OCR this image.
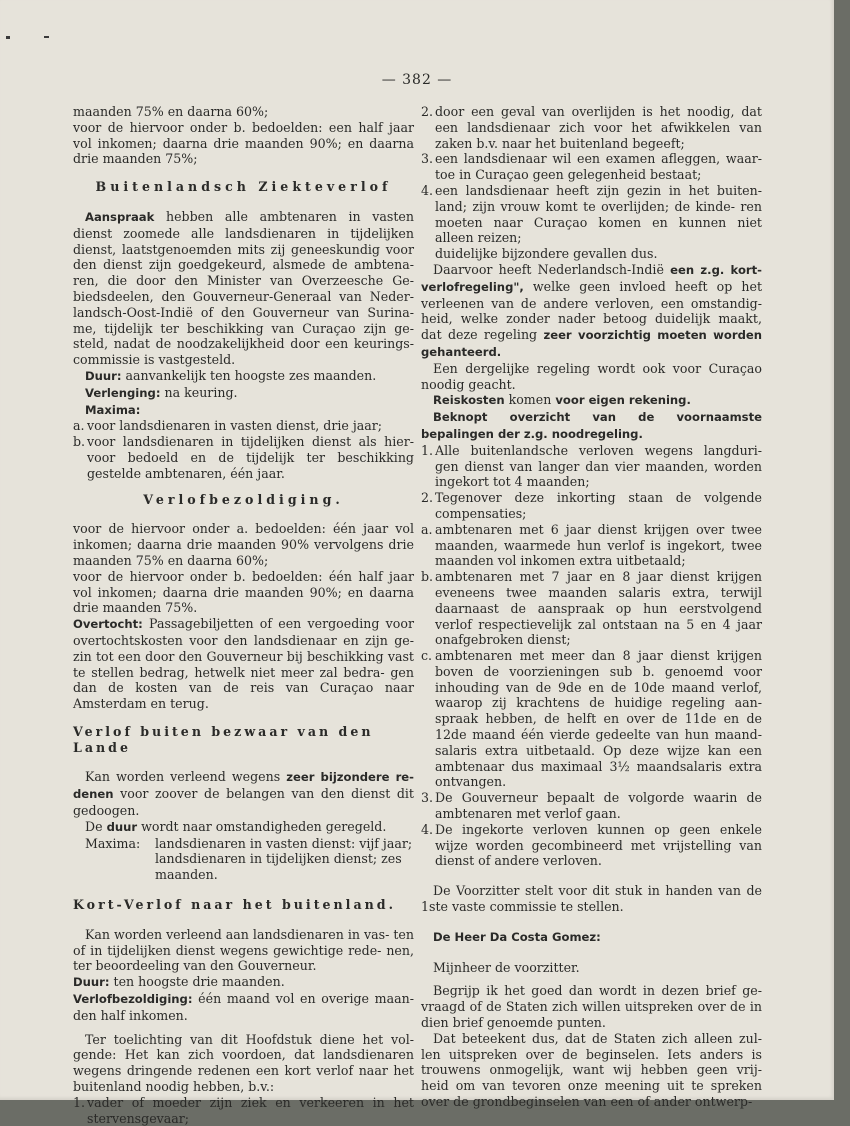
— 382 —

maanden 75% en daarna 60%;

voor de hiervoor onder b. bedoelden: een half jaar vol inkomen; daarna drie maanden 90%; en daarna drie maanden 75%;

Buitenlandsch Ziekteverlof

Aanspraak hebben alle ambtenaren in vasten dienst zoomede alle landsdienaren in tijdelijken dienst, laatstgenoemden mits zij geneeskundig voor den dienst zijn goedgekeurd, alsmede de ambtena- ren, die door den Minister van Overzeesche Ge- biedsdeelen, den Gouverneur-Generaal van Neder- landsch-Oost-Indië of den Gouverneur van Surina- me, tijdelijk ter beschikking van Curaçao zijn ge- steld, nadat de noodzakelijkheid door een keurings- commissie is vastgesteld.

Duur: aanvankelijk ten hoogste zes maanden.

Verlenging: na keuring.

Maxima:

a. voor landsdienaren in vasten dienst, drie jaar;
b. voor landsdienaren in tijdelijken dienst als hier- voor bedoeld en de tijdelijk ter beschikking gestelde ambtenaren, één jaar.
Verlofbezoldiging.

voor de hiervoor onder a. bedoelden: één jaar vol inkomen; daarna drie maanden 90% vervolgens drie maanden 75% en daarna 60%;

voor de hiervoor onder b. bedoelden: één half jaar vol inkomen; daarna drie maanden 90%; en daarna drie maanden 75%.

Overtocht: Passagebiljetten of een vergoeding voor overtochtskosten voor den landsdienaar en zijn ge- zin tot een door den Gouverneur bij beschikking vast te stellen bedrag, hetwelk niet meer zal bedra- gen dan de kosten van de reis van Curaçao naar Amsterdam en terug.

Verlof buiten bezwaar van den Lande

Kan worden verleend wegens zeer bijzondere re- denen voor zoover de belangen van den dienst dit gedoogen.

De duur wordt naar omstandigheden geregeld.

Maxima:	landsdienaren in vasten dienst: vijf jaar; landsdienaren in tijdelijken dienst; zes maanden.
Kort-Verlof naar het buitenland.

Kan worden verleend aan landsdienaren in vas- ten of in tijdelijken dienst wegens gewichtige rede- nen, ter beoordeeling van den Gouverneur.

Duur: ten hoogste drie maanden.

Verlofbezoldiging: één maand vol en overige maan- den half inkomen.

Ter toelichting van dit Hoofdstuk diene het vol- gende: Het kan zich voordoen, dat landsdienaren wegens dringende redenen een kort verlof naar het buitenland noodig hebben, b.v.:

1. vader of moeder zijn ziek en verkeeren in het stervensgevaar;
2. door een geval van overlijden is het noodig, dat een landsdienaar zich voor het afwikkelen van zaken b.v. naar het buitenland begeeft;
3. een landsdienaar wil een examen afleggen, waar- toe in Curaçao geen gelegenheid bestaat;
4. een landsdienaar heeft zijn gezin in het buiten- land; zijn vrouw komt te overlijden; de kinde- ren moeten naar Curaçao komen en kunnen niet alleen reizen;

duidelijke bijzondere gevallen dus.

Daarvoor heeft Nederlandsch-Indië een z.g. kort- verlofregeling", welke geen invloed heeft op het verleenen van de andere verloven, een omstandig- heid, welke zonder nader betoog duidelijk maakt, dat deze regeling zeer voorzichtig moeten worden gehanteerd.

Een dergelijke regeling wordt ook voor Curaçao noodig geacht.

Reiskosten komen voor eigen rekening.

Beknopt overzicht van de voornaamste bepalingen der z.g. noodregeling.

1. Alle buitenlandsche verloven wegens langduri- gen dienst van langer dan vier maanden, worden ingekort tot 4 maanden;
2. Tegenover deze inkorting staan de volgende compensaties;
a. ambtenaren met 6 jaar dienst krijgen over twee maanden, waarmede hun verlof is ingekort, twee maanden vol inkomen extra uitbetaald;
b. ambtenaren met 7 jaar en 8 jaar dienst krijgen eveneens twee maanden salaris extra, terwijl daarnaast de aanspraak op hun eerstvolgend verlof respectievelijk zal ontstaan na 5 en 4 jaar onafgebroken dienst;
c. ambtenaren met meer dan 8 jaar dienst krijgen boven de voorzieningen sub b. genoemd voor inhouding van de 9de en de 10de maand verlof, waarop zij krachtens de huidige regeling aan- spraak hebben, de helft en over de 11de en de 12de maand één vierde gedeelte van hun maand- salaris extra uitbetaald. Op deze wijze kan een ambtenaar dus maximaal 3½ maandsalaris extra ontvangen.
3. De Gouverneur bepaalt de volgorde waarin de ambtenaren met verlof gaan.
4. De ingekorte verloven kunnen op geen enkele wijze worden gecombineerd met vrijstelling van dienst of andere verloven.

De Voorzitter stelt voor dit stuk in handen van de 1ste vaste commissie te stellen.

De Heer Da Costa Gomez:

Mijnheer de voorzitter.

Begrijp ik het goed dan wordt in dezen brief ge- vraagd of de Staten zich willen uitspreken over de in dien brief genoemde punten.

Dat beteekent dus, dat de Staten zich alleen zul- len uitspreken over de beginselen. Iets anders is trouwens onmogelijk, want wij hebben geen vrij- heid om van tevoren onze meening uit te spreken over de grondbeginselen van een of ander ontwerp-
